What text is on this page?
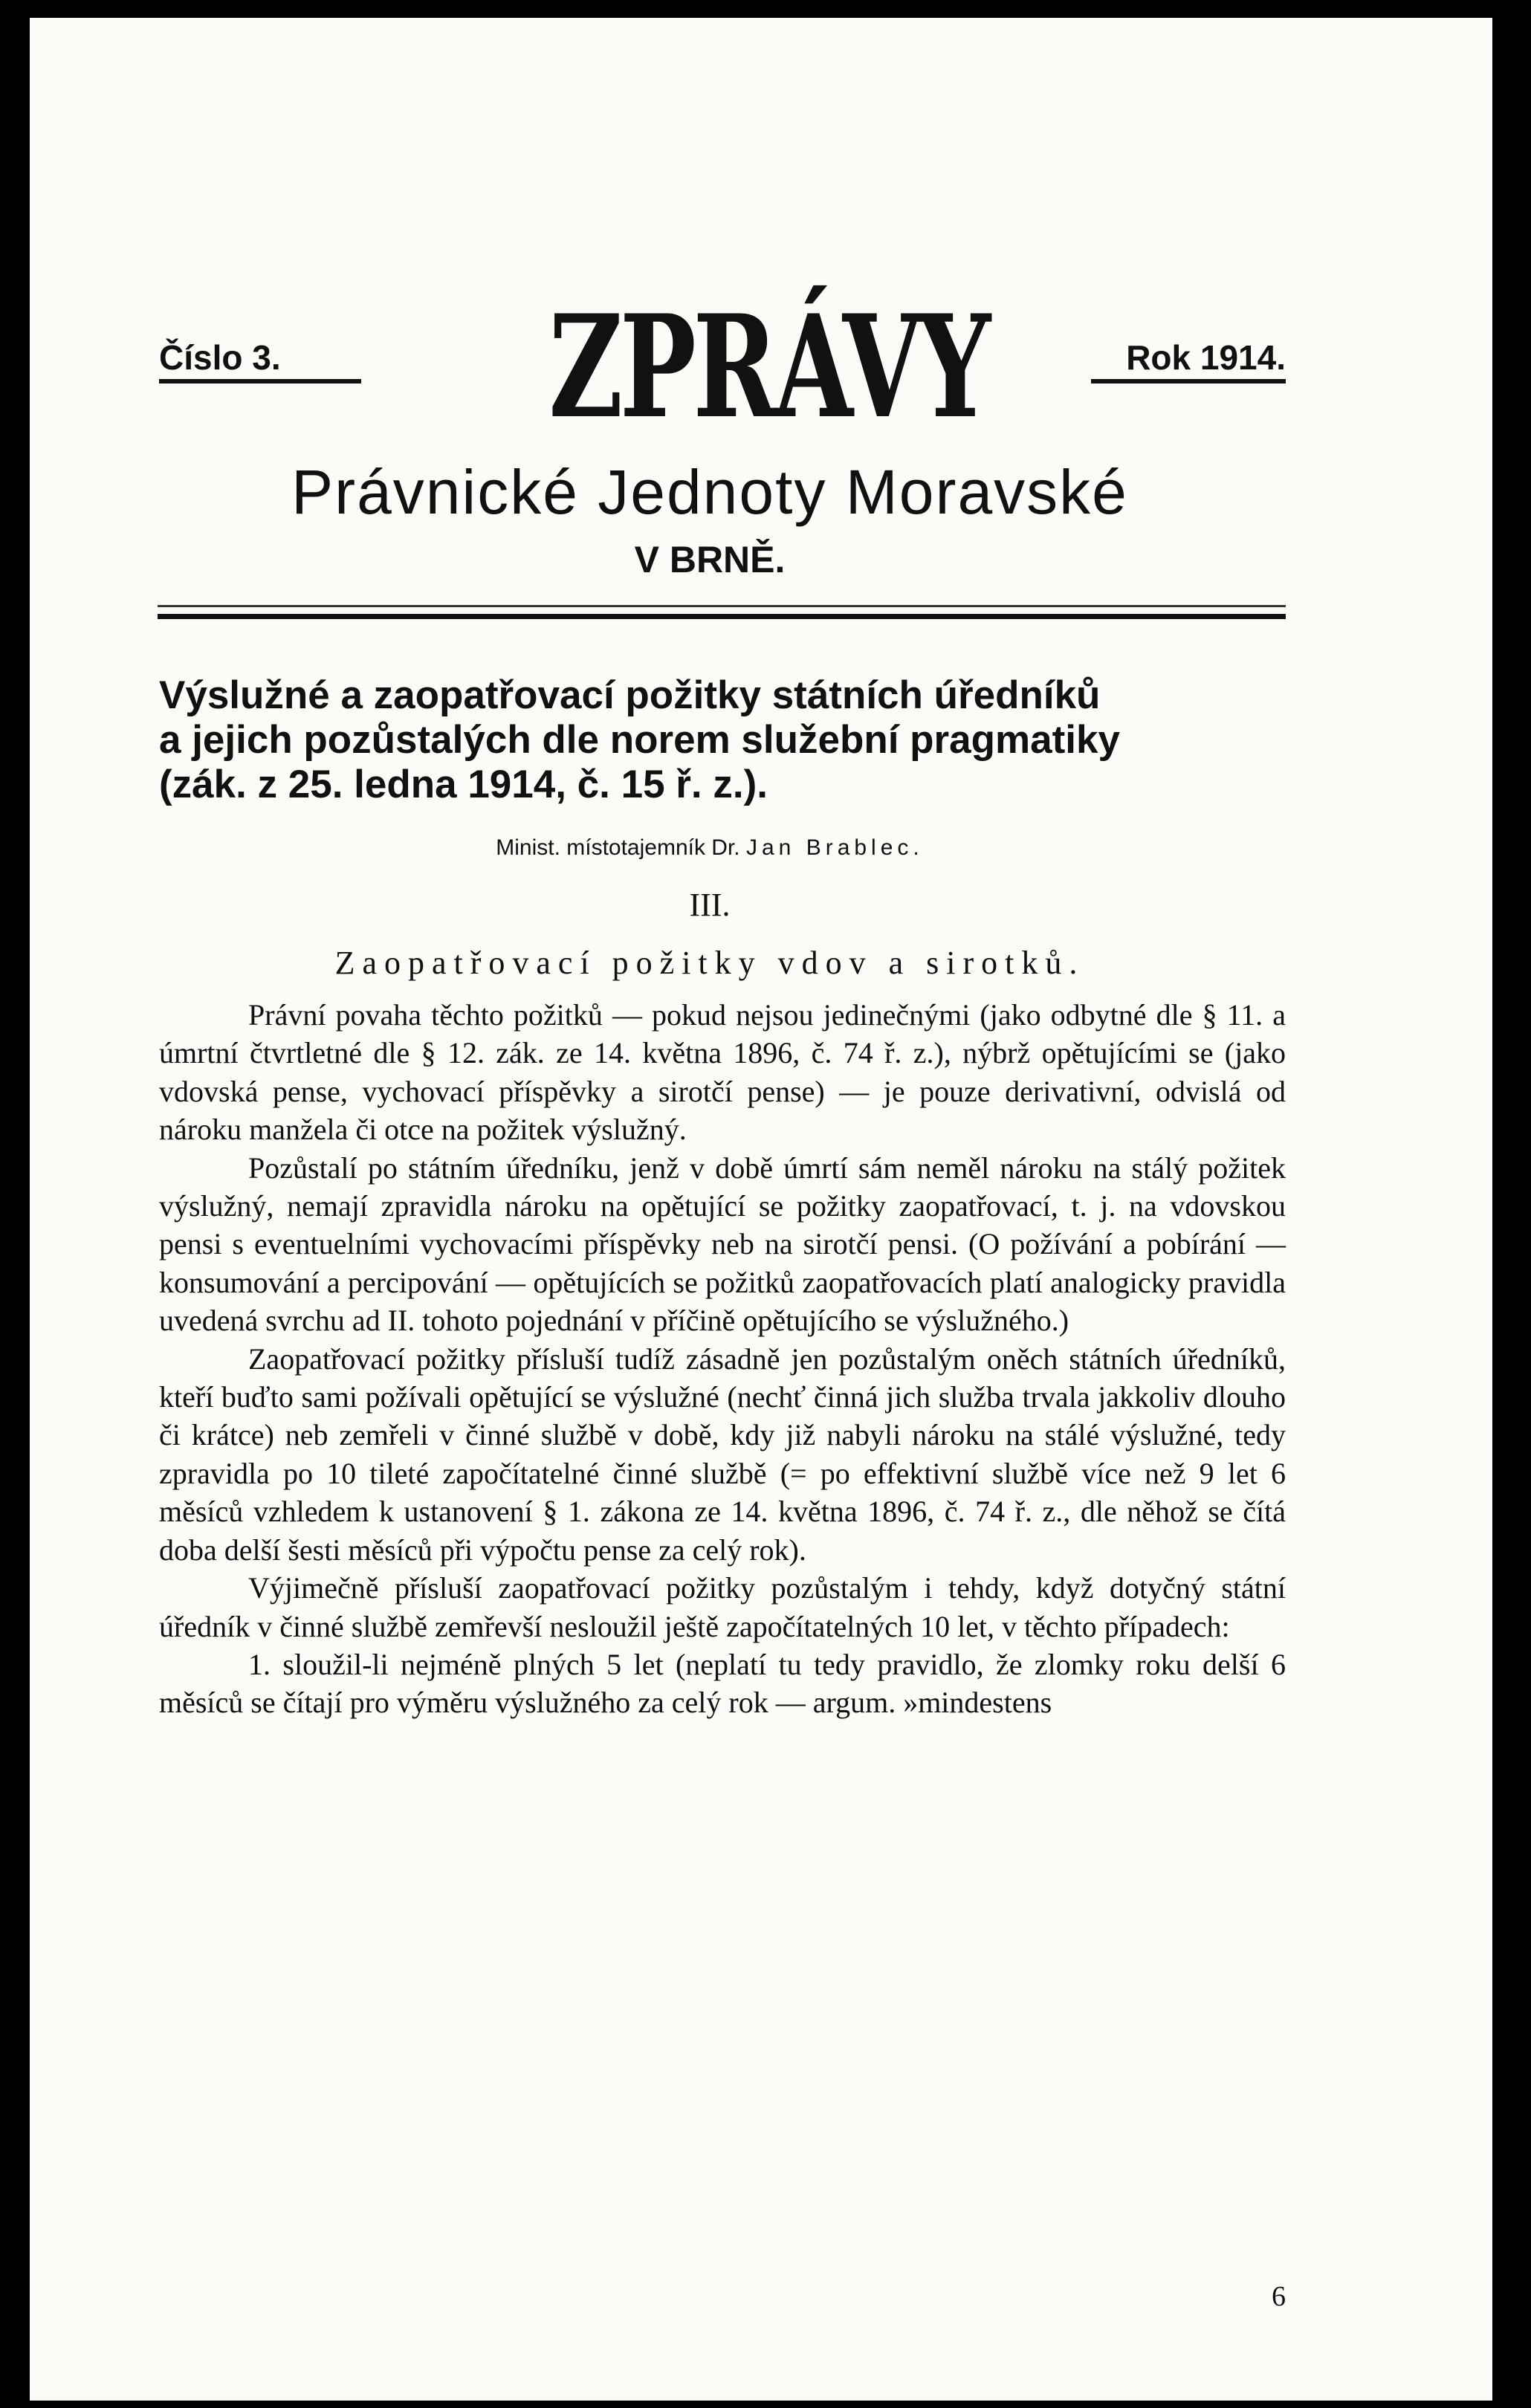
Číslo 3. ZPRÁVY	Rok 1914.
Právnické Jednoty Moravské
V BRNĚ.
Výslužné a zaopatřovací požitky státních úředníků
a jejich pozůstalých dle norem služební pragmatiky
(zák. z 25. ledna 1914, č. 15 ř. z.).
Minist. místotajemník Dr. Jan Brablec.
III.
Zaopatřovací požitky vdov a sirotků.

Právní povaha těchto požitků — pokud nejsou jedinečnými (jako odbytné dle § 11. a úmrtní čtvrtletné dle § 12. zák. ze 14. května 1896, č. 74 ř. z.), nýbrž opětujícími se (jako vdovská pense, vychovací příspěvky a sirotčí pense) — je pouze derivativní, odvislá od nároku manžela či otce na požitek výslužný.

Pozůstalí po státním úředníku, jenž v době úmrtí sám neměl nároku na stálý požitek výslužný, nemají zpravidla nároku na opětující se požitky zaopatřovací, t. j. na vdovskou pensi s eventuelními vychovacími příspěvky neb na sirotčí pensi. (O požívání a pobírání — konsumování a percipování — opětujících se požitků zaopatřovacích platí analogicky pravidla uvedená svrchu ad II. tohoto pojednání v příčině opětujícího se výslužného.)

Zaopatřovací požitky přísluší tudíž zásadně jen pozůstalým oněch státních úředníků, kteří buďto sami požívali opětující se výslužné (nechť činná jich služba trvala jakkoliv dlouho či krátce) neb zemřeli v činné službě v době, kdy již nabyli nároku na stálé výslužné, tedy zpravidla po 10 tileté započítatelné činné službě (= po effektivní službě více než 9 let 6 měsíců vzhledem k ustanovení § 1. zákona ze 14. května 1896, č. 74 ř. z., dle něhož se čítá doba delší šesti měsíců při výpočtu pense za celý rok).

Výjimečně přísluší zaopatřovací požitky pozůstalým i tehdy, když dotyčný státní úředník v činné službě zemřevší nesloužil ještě započítatelných 10 let, v těchto případech:

1. sloužil-li nejméně plných 5 let (neplatí tu tedy pravidlo, že zlomky roku delší 6 měsíců se čítají pro výměru výslužného za celý rok — argum. »mindestens

6
